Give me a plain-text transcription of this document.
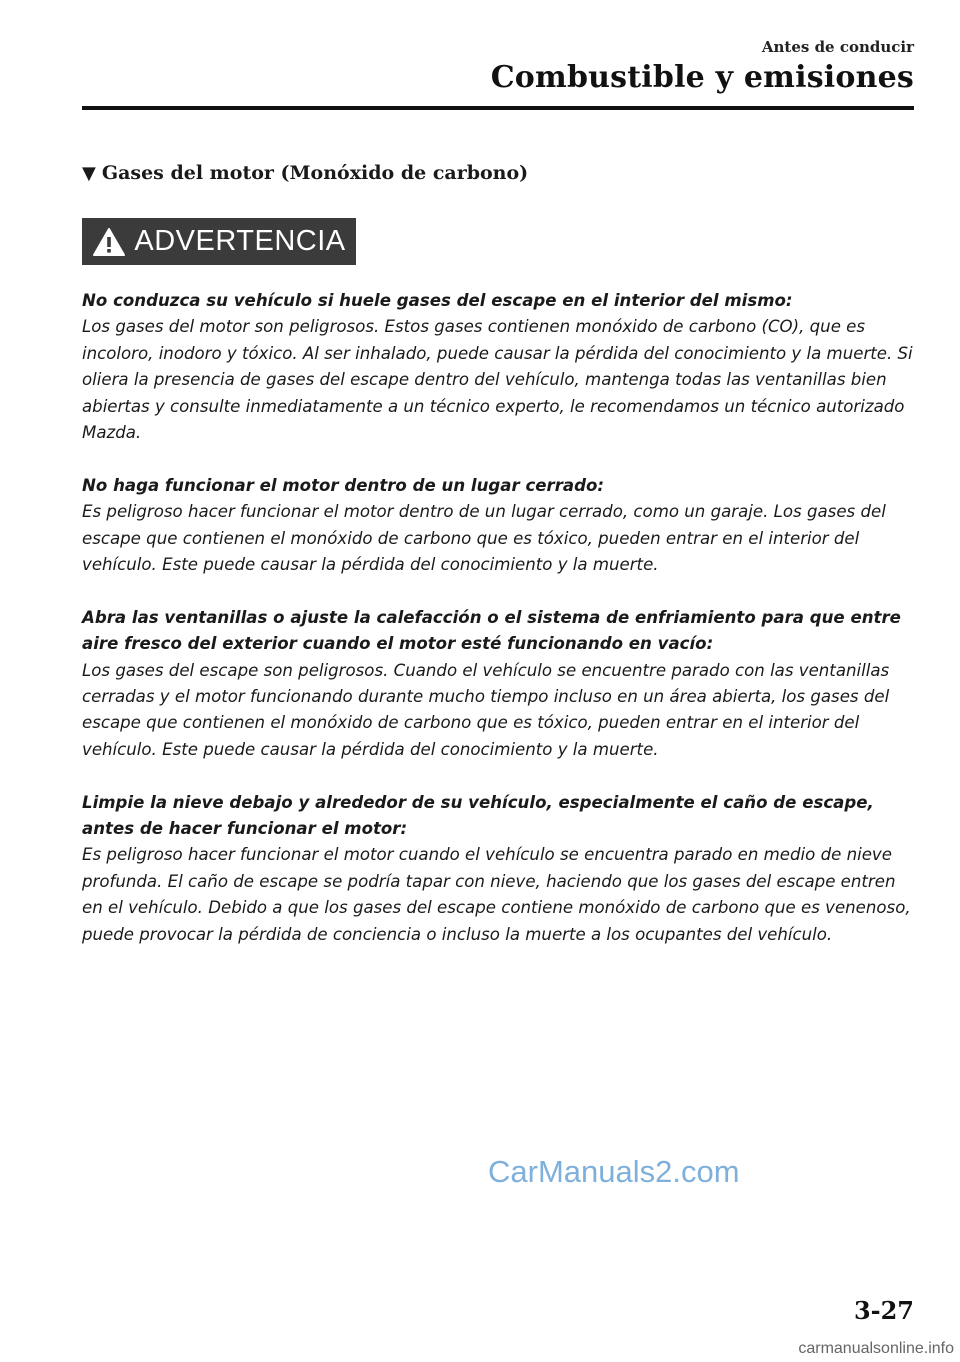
Antes de conducir
Combustible y emisiones
▼ Gases del motor (Monóxido de carbono)
ADVERTENCIA
No conduzca su vehículo si huele gases del escape en el interior del mismo:
Los gases del motor son peligrosos. Estos gases contienen monóxido de carbono (CO), que es incoloro, inodoro y tóxico. Al ser inhalado, puede causar la pérdida del conocimiento y la muerte. Si oliera la presencia de gases del escape dentro del vehículo, mantenga todas las ventanillas bien abiertas y consulte inmediatamente a un técnico experto, le recomendamos un técnico autorizado Mazda.
No haga funcionar el motor dentro de un lugar cerrado:
Es peligroso hacer funcionar el motor dentro de un lugar cerrado, como un garaje. Los gases del escape que contienen el monóxido de carbono que es tóxico, pueden entrar en el interior del vehículo. Este puede causar la pérdida del conocimiento y la muerte.
Abra las ventanillas o ajuste la calefacción o el sistema de enfriamiento para que entre aire fresco del exterior cuando el motor esté funcionando en vacío:
Los gases del escape son peligrosos. Cuando el vehículo se encuentre parado con las ventanillas cerradas y el motor funcionando durante mucho tiempo incluso en un área abierta, los gases del escape que contienen el monóxido de carbono que es tóxico, pueden entrar en el interior del vehículo. Este puede causar la pérdida del conocimiento y la muerte.
Limpie la nieve debajo y alrededor de su vehículo, especialmente el caño de escape, antes de hacer funcionar el motor:
Es peligroso hacer funcionar el motor cuando el vehículo se encuentra parado en medio de nieve profunda. El caño de escape se podría tapar con nieve, haciendo que los gases del escape entren en el vehículo. Debido a que los gases del escape contiene monóxido de carbono que es venenoso, puede provocar la pérdida de conciencia o incluso la muerte a los ocupantes del vehículo.
CarManuals2.com
3-27
carmanualsonline.info
